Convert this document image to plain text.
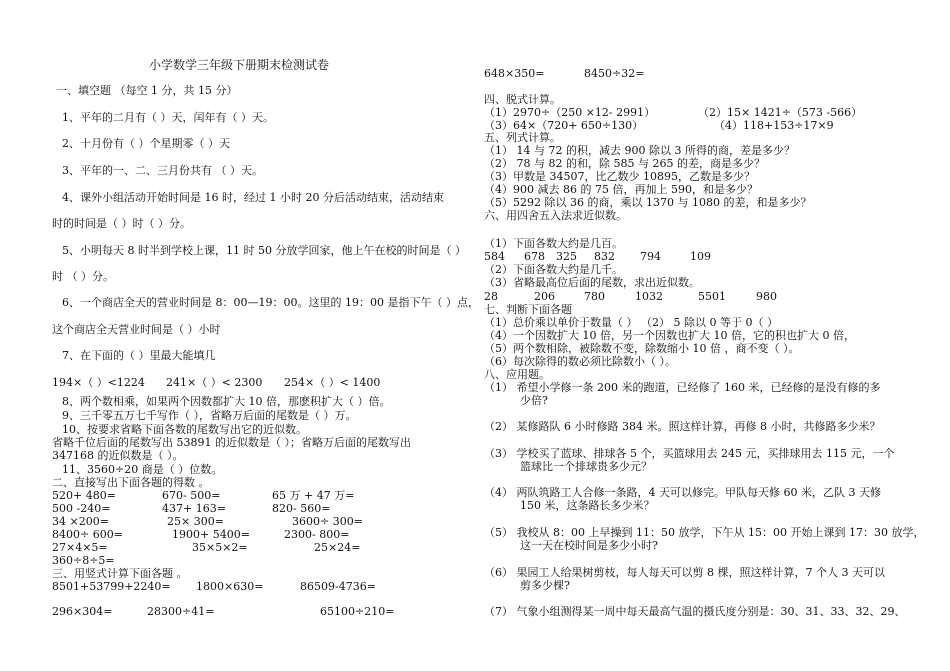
小学数学三年级下册期末检测试卷
一、填空题 （每空 1 分，共 15 分）
1、平年的二月有（ ）天，闰年有（ ）天。
2、十月份有（ ）个星期零（ ）天
3、平年的一、二、三月份共有 （ ）天。
4、课外小组活动开始时间是 16 时，经过 1 小时 20 分后活动结束，活动结束
时的时间是（ ）时（ ）分。
5、小明每天 8 时半到学校上课，11 时 50 分放学回家，他上午在校的时间是（ ）
时 （ ）分。
6、一个商店全天的营业时间是 8：00—19：00。这里的 19：00 是指下午（ ）点，
这个商店全天营业时间是（ ）小时
7、在下面的（ ）里最大能填几
194×（ ）<1224 241×（ ）< 2300 254×（ ）< 1400
8、两个数相乘，如果两个因数都扩大 10 倍，那麽积扩大（ ）倍。
9、三千零五万七千写作（ ），省略万后面的尾数是（ ）万。
10、按要求省略下面各数的尾数写出它的近似数。
省略千位后面的尾数写出 53891 的近似数是（ ）；省略万后面的尾数写出
347168 的近似数是（ ）。
11、3560÷20 商是（ ）位数。
二、直接写出下面各题的得数 。
520+ 480=	670- 500=	65 万 + 47 万=
500 -240=	437+ 163=	820- 560=
34 ×200=	25× 300=	3600÷ 300=
8400÷ 600=	1900+ 5400=	2300- 800=
27×4×5=	35×5×2=	25×24=
360÷8÷5=
三、用竖式计算下面各题 。
8501+53799+2240= 1800×630=	86509-4736=
296×304=	28300÷41=	65100÷210=
648×350=	8450÷32=
四、脱式计算。
（1）2970÷（250 ×12- 2991）	（2）15× 1421÷（573 -566）
（3）64×（720+ 650÷130）	（4）118+153÷17×9
五、列式计算。
（1） 14 与 72 的积，减去 900 除以 3 所得的商，差是多少？
（2） 78 与 82 的和，除 585 与 265 的差，商是多少？
（3）甲数是 34507，比乙数少 10895，乙数是多少？
（4）900 减去 86 的 75 倍，再加上 590，和是多少？
（5）5292 除以 36 的商，乘以 1370 与 1080 的差，和是多少？
六、用四舍五入法求近似数。
（1）下面各数大约是几百。
584 678 325 832 794	109
（2）下面各数大约是几千。
（3）省略最高位后面的尾数，求出近似数。
28	206	780	1032	5501	980
七、判断下面各题
（1）总价乘以单价于数量（ ） （2） 5 除以 0 等于 0（ ）
（4）一个因数扩大 10 倍，另一个因数也扩大 10 倍，它的积也扩大 0 倍，
（5）两个数相除，被除数不变，除数缩小 10 倍 ，商不变（ ）。
（6）每次除得的数必须比除数小（ ）。
八、应用题。
（1） 希望小学修一条 200 米的跑道，已经修了 160 米，已经修的是没有修的多
少倍?
（2） 某修路队 6 小时修路 384 米。照这样计算，再修 8 小时，共修路多少米？
（3） 学校买了蓝球、排球各 5 个，买篮球用去 245 元，买排球用去 115 元，一个
篮球比一个排球贵多少元？
（4） 两队筑路工人合修一条路，4 天可以修完。甲队每天修 60 米，乙队 3 天修
150 米，这条路长多少米？
（5） 我校从 8：00 上早操到 11：50 放学，下午从 15：00 开始上课到 17：30 放学，
这一天在校时间是多少小时?
（6） 果园工人给果树剪枝，每人每天可以剪 8 棵，照这样计算，7 个人 3 天可以
剪多少棵?
（7） 气象小组测得某一周中每天最高气温的摄氏度分别是：30、31、33、32、29、
